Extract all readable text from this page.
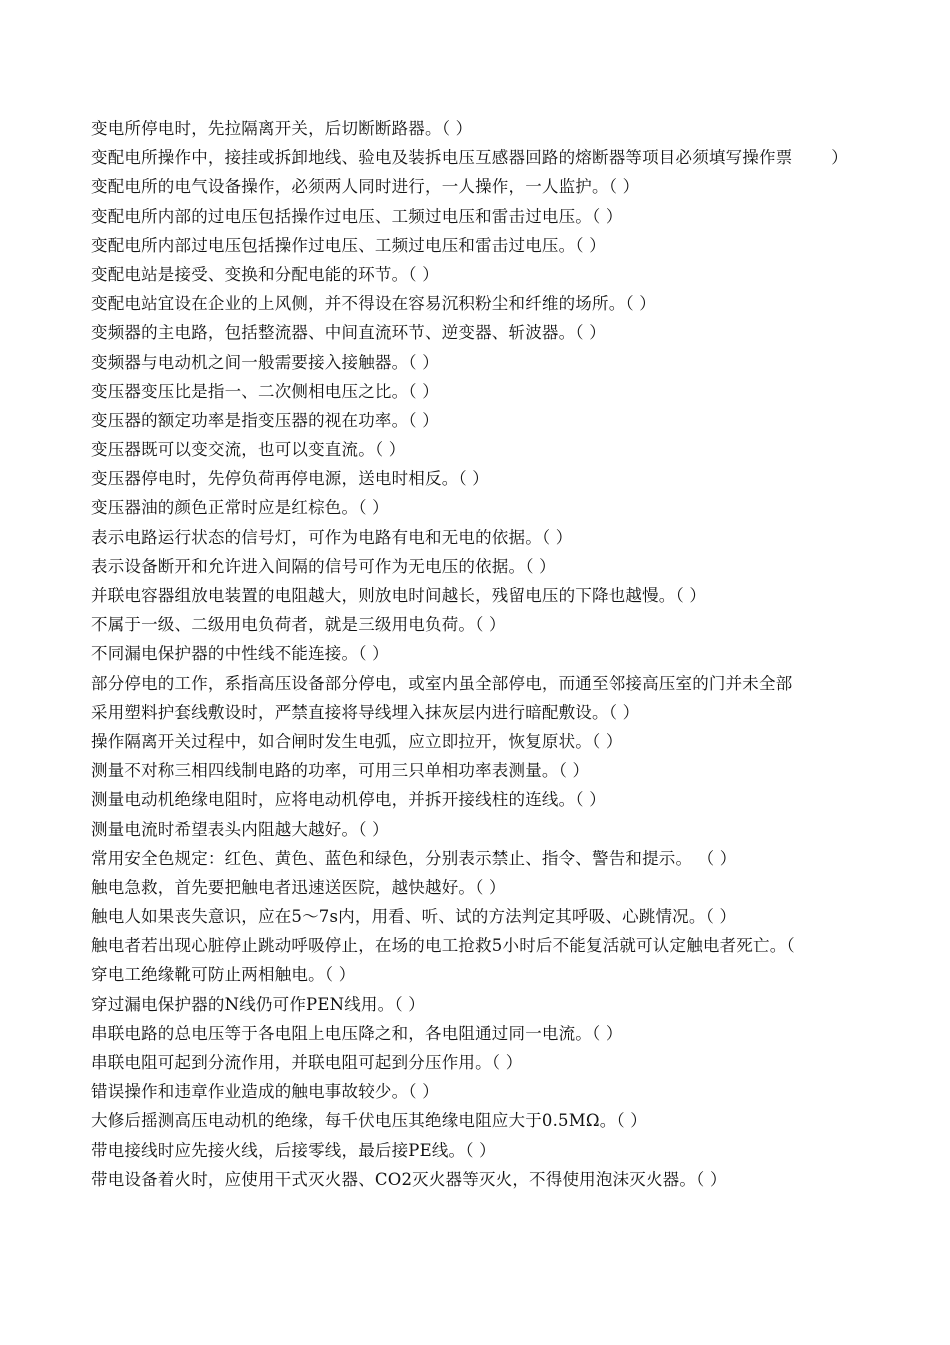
变电所停电时，先拉隔离开关，后切断断路器。（ ）
变配电所操作中，接挂或拆卸地线、验电及装拆电压互感器回路的熔断器等项目必须填写操作票　　 ）
变配电所的电气设备操作，必须两人同时进行，一人操作，一人监护。（ ）
变配电所内部的过电压包括操作过电压、工频过电压和雷击过电压。（ ）
变配电所内部过电压包括操作过电压、工频过电压和雷击过电压。（ ）
变配电站是接受、变换和分配电能的环节。（ ）
变配电站宜设在企业的上风侧，并不得设在容易沉积粉尘和纤维的场所。（ ）
变频器的主电路，包括整流器、中间直流环节、逆变器、斩波器。（ ）
变频器与电动机之间一般需要接入接触器。（ ）
变压器变压比是指一、二次侧相电压之比。（ ）
变压器的额定功率是指变压器的视在功率。（ ）
变压器既可以变交流，也可以变直流。（ ）
变压器停电时，先停负荷再停电源，送电时相反。（ ）
变压器油的颜色正常时应是红棕色。（ ）
表示电路运行状态的信号灯，可作为电路有电和无电的依据。（ ）
表示设备断开和允许进入间隔的信号可作为无电压的依据。（ ）
并联电容器组放电装置的电阻越大，则放电时间越长，残留电压的下降也越慢。（ ）
不属于一级、二级用电负荷者，就是三级用电负荷。（ ）
不同漏电保护器的中性线不能连接。（ ）
部分停电的工作，系指高压设备部分停电，或室内虽全部停电，而通至邻接高压室的门并未全部
采用塑料护套线敷设时，严禁直接将导线埋入抹灰层内进行暗配敷设。（ ）
操作隔离开关过程中，如合闸时发生电弧，应立即拉开，恢复原状。（ ）
测量不对称三相四线制电路的功率，可用三只单相功率表测量。（ ）
测量电动机绝缘电阻时，应将电动机停电，并拆开接线柱的连线。（ ）
测量电流时希望表头内阻越大越好。（ ）
常用安全色规定：红色、黄色、蓝色和绿色，分别表示禁止、指令、警告和提示。 （ ）
触电急救，首先要把触电者迅速送医院，越快越好。（ ）
触电人如果丧失意识，应在5～7s内，用看、听、试的方法判定其呼吸、心跳情况。（ ）
触电者若出现心脏停止跳动呼吸停止，在场的电工抢救5小时后不能复活就可认定触电者死亡。（
穿电工绝缘靴可防止两相触电。（ ）
穿过漏电保护器的N线仍可作PEN线用。（ ）
串联电路的总电压等于各电阻上电压降之和，各电阻通过同一电流。（ ）
串联电阻可起到分流作用，并联电阻可起到分压作用。（ ）
错误操作和违章作业造成的触电事故较少。（ ）
大修后摇测高压电动机的绝缘，每千伏电压其绝缘电阻应大于0.5MΩ。（ ）
带电接线时应先接火线，后接零线，最后接PE线。（ ）
带电设备着火时，应使用干式灭火器、CO2灭火器等灭火，不得使用泡沫灭火器。（ ）
